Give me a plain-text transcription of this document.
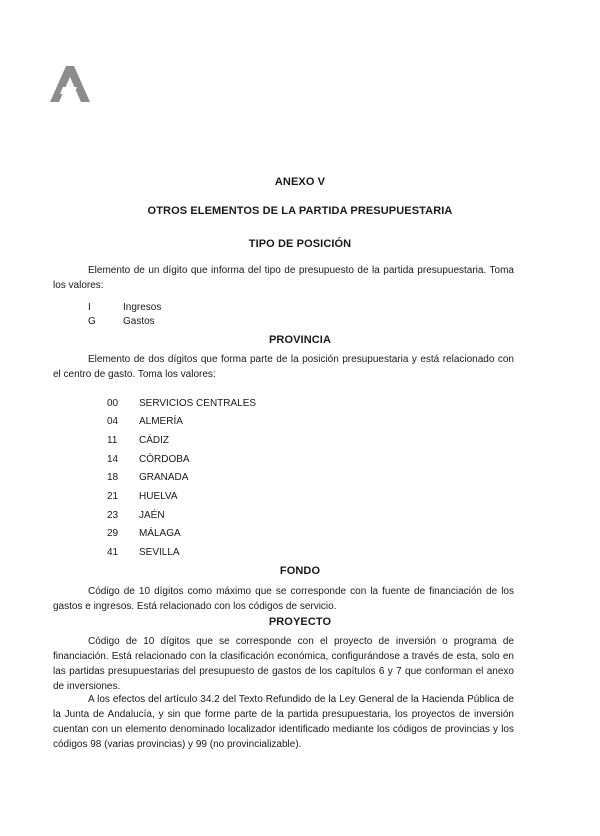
ANEXO V
OTROS ELEMENTOS DE LA PARTIDA PRESUPUESTARIA
TIPO DE POSICIÓN

Elemento de un dígito que informa del tipo de presupuesto de la partida presupuestaria. Toma los valores:

I	Ingresos
G	Gastos
PROVINCIA

Elemento de dos dígitos que forma parte de la posición presupuestaria y está relacionado con el centro de gasto. Toma los valores:

00 SERVICIOS CENTRALES
04 ALMERÍA
11 CÁDIZ
14 CÓRDOBA
18 GRANADA
21 HUELVA
23 JAÉN
29 MÁLAGA
41 SEVILLA
FONDO

Código de 10 dígitos como máximo que se corresponde con la fuente de financiación de los gastos e ingresos. Está relacionado con los códigos de servicio.

PROYECTO

Código de 10 dígitos que se corresponde con el proyecto de inversión o programa de financiación. Está relacionado con la clasificación económica, configurándose a través de esta, solo en las partidas presupuestarias del presupuesto de gastos de los capítulos 6 y 7 que conforman el anexo de inversiones.

A los efectos del artículo 34.2 del Texto Refundido de la Ley General de la Hacienda Pública de la Junta de Andalucía, y sin que forme parte de la partida presupuestaria, los proyectos de inversión cuentan con un elemento denominado localizador identificado mediante los códigos de provincias y los códigos 98 (varias provincias) y 99 (no provincializable).
